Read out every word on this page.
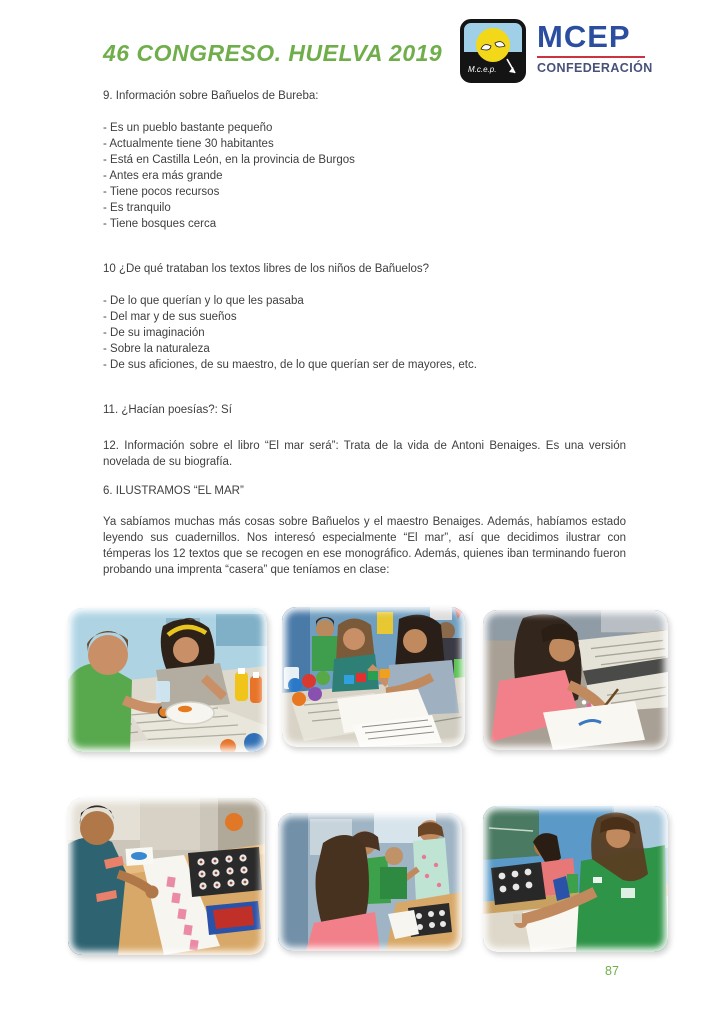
46 CONGRESO. HUELVA 2019
M.c.e.p.
MCEP
CONFEDERACIÓN
9. Información sobre Bañuelos de Bureba:
- Es un pueblo bastante pequeño
- Actualmente tiene 30 habitantes
- Está en Castilla León, en la provincia de Burgos
- Antes era más grande
- Tiene pocos recursos
- Es tranquilo
- Tiene bosques cerca
10 ¿De qué trataban los textos libres de los niños de Bañuelos?
- De lo que querían y lo que les pasaba
- Del mar y de sus sueños
- De su imaginación
- Sobre la naturaleza
- De sus aficiones, de su maestro, de lo que querían ser de mayores, etc.
11. ¿Hacían poesías?: Sí
12. Información sobre el libro “El mar será”: Trata de la vida de Antoni Benaiges. Es una versión novelada de su biografía.
6. ILUSTRAMOS “EL MAR”
Ya sabíamos muchas más cosas sobre Bañuelos y el maestro Benaiges. Además, habíamos estado leyendo sus cuadernillos. Nos interesó especialmente “El mar”, así que decidimos ilustrar con témperas los 12 textos que se recogen en ese monográfico. Además, quienes iban terminando fueron probando una imprenta “casera” que teníamos en clase:
87
